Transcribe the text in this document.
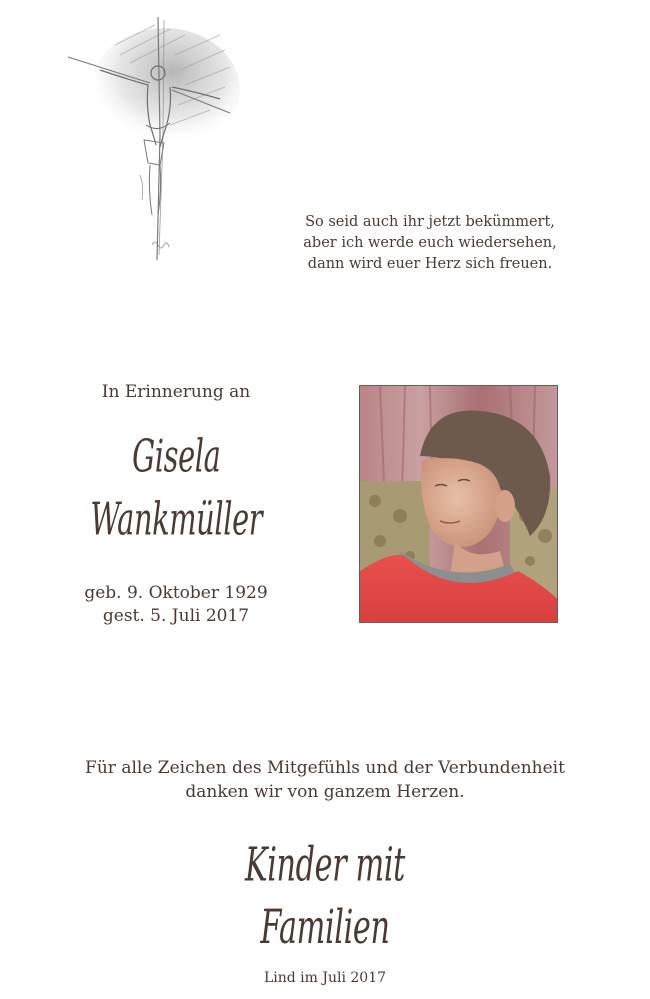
So seid auch ihr jetzt bekümmert,
aber ich werde euch wiedersehen,
dann wird euer Herz sich freuen.
In Erinnerung an
Gisela
Wankmüller
geb. 9. Oktober 1929
gest. 5. Juli 2017
Für alle Zeichen des Mitgefühls und der Verbundenheit
danken wir von ganzem Herzen.
Kinder mit Familien
Lind im Juli 2017
